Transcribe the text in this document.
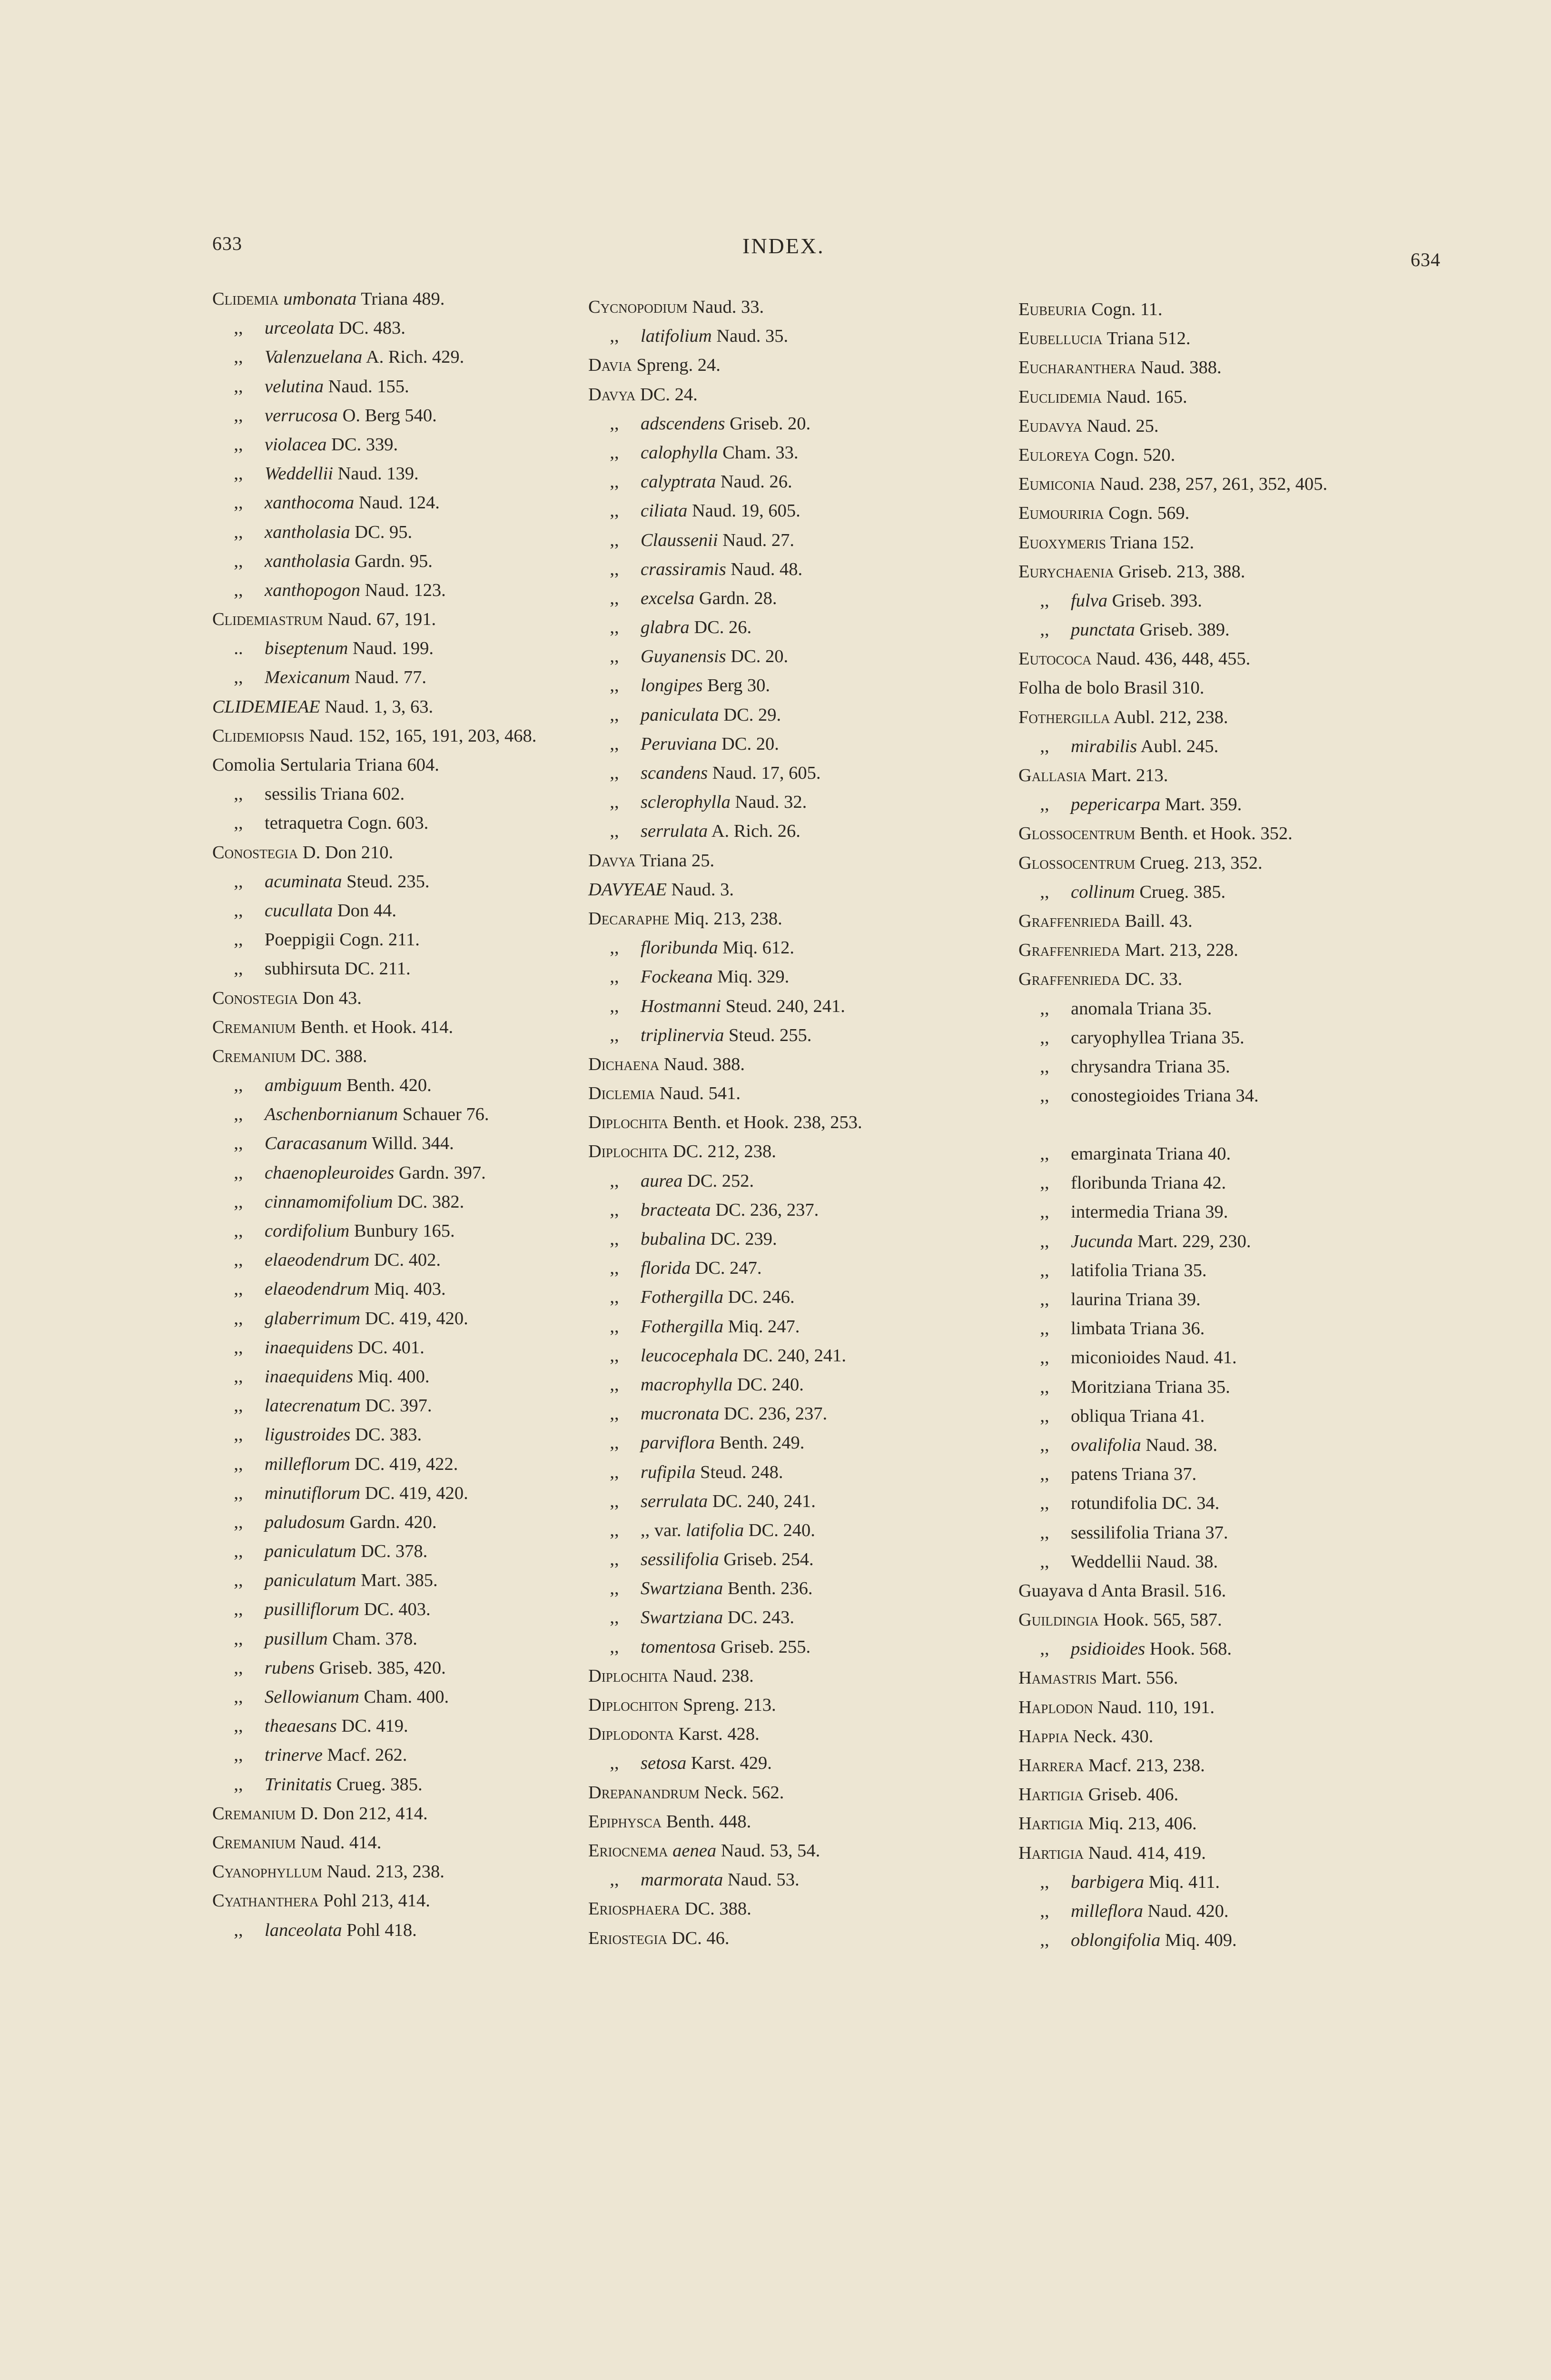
633	INDEX.
634
Clidemia umbonata Triana 489.
,, urceolata DC. 483.
,, Valenzuelana A. Rich. 429.
,, velutina Naud. 155.
,, verrucosa O. Berg 540.
,, violacea DC. 339.
,, Weddellii Naud. 139.
,, xanthocoma Naud. 124.
,, xantholasia DC. 95.
,, xantholasia Gardn. 95.
,, xanthopogon Naud. 123.
Clidemiastrum Naud. 67, 191.
.. biseptenum Naud. 199.
,, Mexicanum Naud. 77.
CLIDEMIEAE Naud. 1, 3, 63.
Clidemiopsis Naud. 152, 165, 191, 203, 468.
Comolia Sertularia Triana 604.
,, sessilis Triana 602.
,, tetraquetra Cogn. 603.
Conostegia D. Don 210.
,, acuminata Steud. 235.
,, cucullata Don 44.
,, Poeppigii Cogn. 211.
,, subhirsuta DC. 211.
Conostegia Don 43.
Cremanium Benth. et Hook. 414.
Cremanium DC. 388.
,, ambiguum Benth. 420.
,, Aschenbornianum Schauer 76.
,, Caracasanum Willd. 344.
,, chaenopleuroides Gardn. 397.
,, cinnamomifolium DC. 382.
,, cordifolium Bunbury 165.
,, elaeodendrum DC. 402.
,, elaeodendrum Miq. 403.
,, glaberrimum DC. 419, 420.
,, inaequidens DC. 401.
,, inaequidens Miq. 400.
,, latecrenatum DC. 397.
,, ligustroides DC. 383.
,, milleflorum DC. 419, 422.
,, minutiflorum DC. 419, 420.
,, paludosum Gardn. 420.
,, paniculatum DC. 378.
,, paniculatum Mart. 385.
,, pusilliflorum DC. 403.
,, pusillum Cham. 378.
,, rubens Griseb. 385, 420.
,, Sellowianum Cham. 400.
,, theaesans DC. 419.
,, trinerve Macf. 262.
,, Trinitatis Crueg. 385.
Cremanium D. Don 212, 414.
Cremanium Naud. 414.
Cyanophyllum Naud. 213, 238.
Cyathanthera Pohl 213, 414.
,, lanceolata Pohl 418.
Cycnopodium Naud. 33.
,, latifolium Naud. 35.
Davia Spreng. 24.
Davya DC. 24.
,, adscendens Griseb. 20.
,, calophylla Cham. 33.
,, calyptrata Naud. 26.
,, ciliata Naud. 19, 605.
,, Claussenii Naud. 27.
,, crassiramis Naud. 48.
,, excelsa Gardn. 28.
,, glabra DC. 26.
,, Guyanensis DC. 20.
,, longipes Berg 30.
,, paniculata DC. 29.
,, Peruviana DC. 20.
,, scandens Naud. 17, 605.
,, sclerophylla Naud. 32.
,, serrulata A. Rich. 26.
Davya Triana 25.
DAVYEAE Naud. 3.
Decaraphe Miq. 213, 238.
,, floribunda Miq. 612.
,, Fockeana Miq. 329.
,, Hostmanni Steud. 240, 241.
,, triplinervia Steud. 255.
Dichaena Naud. 388.
Diclemia Naud. 541.
Diplochita Benth. et Hook. 238, 253.
Diplochita DC. 212, 238.
,, aurea DC. 252.
,, bracteata DC. 236, 237.
,, bubalina DC. 239.
,, florida DC. 247.
,, Fothergilla DC. 246.
,, Fothergilla Miq. 247.
,, leucocephala DC. 240, 241.
,, macrophylla DC. 240.
,, mucronata DC. 236, 237.
,, parviflora Benth. 249.
,, rufipila Steud. 248.
,, serrulata DC. 240, 241.
,, ,, var. latifolia DC. 240.
,, sessilifolia Griseb. 254.
,, Swartziana Benth. 236.
,, Swartziana DC. 243.
,, tomentosa Griseb. 255.
Diplochita Naud. 238.
Diplochiton Spreng. 213.
Diplodonta Karst. 428.
,, setosa Karst. 429.
Drepanandrum Neck. 562.
Epiphysca Benth. 448.
Eriocnema aenea Naud. 53, 54.
,, marmorata Naud. 53.
Eriosphaera DC. 388.
Eriostegia DC. 46.
Eubeuria Cogn. 11.
Eubellucia Triana 512.
Eucharanthera Naud. 388.
Euclidemia Naud. 165.
Eudavya Naud. 25.
Euloreya Cogn. 520.
Eumiconia Naud. 238, 257, 261, 352, 405.
Eumouriria Cogn. 569.
Euoxymeris Triana 152.
Eurychaenia Griseb. 213, 388.
,, fulva Griseb. 393.
,, punctata Griseb. 389.
Eutococa Naud. 436, 448, 455.
Folha de bolo Brasil 310.
Fothergilla Aubl. 212, 238.
,, mirabilis Aubl. 245.
Gallasia Mart. 213.
,, pepericarpa Mart. 359.
Glossocentrum Benth. et Hook. 352.
Glossocentrum Crueg. 213, 352.
,, collinum Crueg. 385.
Graffenrieda Baill. 43.
Graffenrieda Mart. 213, 228.
Graffenrieda DC. 33.
,, anomala Triana 35.
,, caryophyllea Triana 35.
,, chrysandra Triana 35.
,, conostegioides Triana 34.
,, emarginata Triana 40.
,, floribunda Triana 42.
,, intermedia Triana 39.
,, Jucunda Mart. 229, 230.
,, latifolia Triana 35.
,, laurina Triana 39.
,, limbata Triana 36.
,, miconioides Naud. 41.
,, Moritziana Triana 35.
,, obliqua Triana 41.
,, ovalifolia Naud. 38.
,, patens Triana 37.
,, rotundifolia DC. 34.
,, sessilifolia Triana 37.
,, Weddellii Naud. 38.
Guayava d Anta Brasil. 516.
Guildingia Hook. 565, 587.
,, psidioides Hook. 568.
Hamastris Mart. 556.
Haplodon Naud. 110, 191.
Happia Neck. 430.
Harrera Macf. 213, 238.
Hartigia Griseb. 406.
Hartigia Miq. 213, 406.
Hartigia Naud. 414, 419.
,, barbigera Miq. 411.
,, milleflora Naud. 420.
,, oblongifolia Miq. 409.
